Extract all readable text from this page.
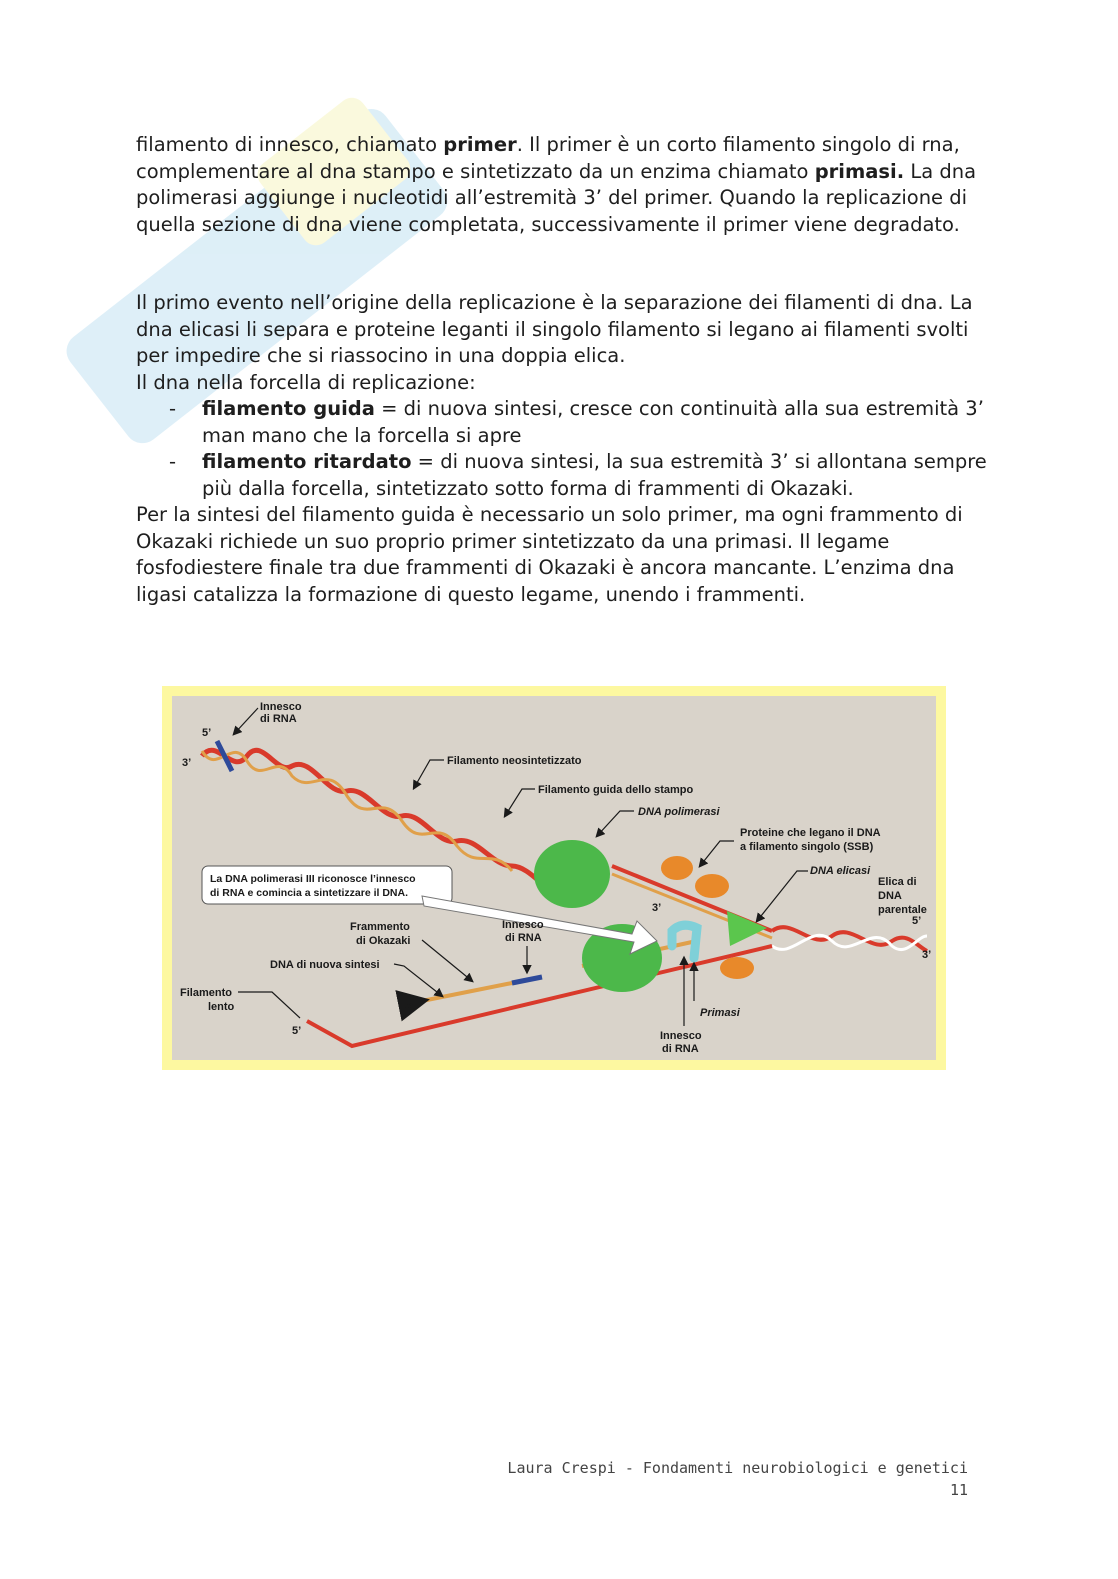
filamento di innesco, chiamato primer. Il primer è un corto filamento singolo di rna, complementare al dna stampo e sintetizzato da un enzima chiamato primasi. La dna polimerasi aggiunge i nucleotidi all’estremità 3’ del primer. Quando la replicazione di quella sezione di dna viene completata, successivamente il primer viene degradato.

Il primo evento nell’origine della replicazione è la separazione dei filamenti di dna. La dna elicasi li separa e proteine leganti il singolo filamento si legano ai filamenti svolti per impedire che si riassocino in una doppia elica.

Il dna nella forcella di replicazione:

- filamento guida = di nuova sintesi, cresce con continuità alla sua estremità 3’ man mano che la forcella si apre
- filamento ritardato = di nuova sintesi, la sua estremità 3’ si allontana sempre più dalla forcella, sintetizzato sotto forma di frammenti di Okazaki.

Per la sintesi del filamento guida è necessario un solo primer, ma ogni frammento di Okazaki richiede un suo proprio primer sintetizzato da una primasi. Il legame fosfodiestere finale tra due frammenti di Okazaki è ancora mancante. L’enzima dna ligasi catalizza la formazione di questo legame, unendo i frammenti.

Innesco
di RNA
5’
3’	Filamento neosintetizzato
Filamento guida dello stampo
DNA polimerasi
Proteine che legano il DNA
a filamento singolo (SSB)
DNA elicasi
Elica di
DNA
parentale
5’
3’
La DNA polimerasi III riconosce l’innesco
di RNA e comincia a sintetizzare il DNA.
3’
Frammento
di Okazaki
Innesco
di RNA
DNA di nuova sintesi
Filamento
lento	3’
5’
Primasi
Innesco
di RNA
Laura Crespi - Fondamenti neurobiologici e genetici
11
